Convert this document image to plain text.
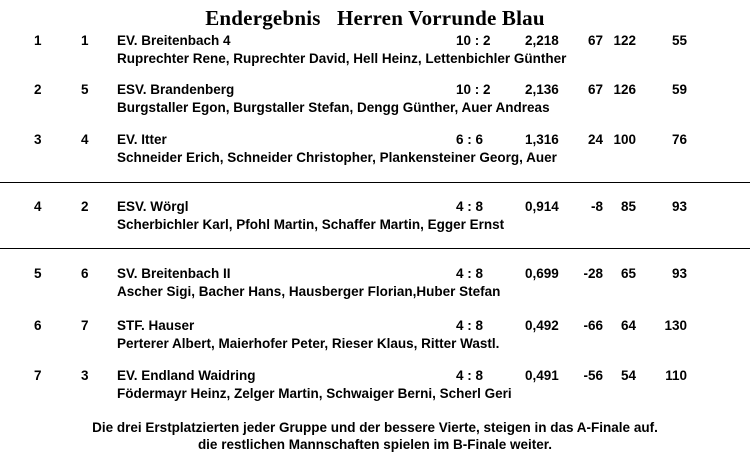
Endergebnis   Herren Vorrunde Blau
1	1 EV. Breitenbach 4	10 : 2	2,218 67 122	55
Ruprechter Rene, Ruprechter David, Hell Heinz, Lettenbichler Günther
2	5 ESV. Brandenberg	10 : 2	2,136 67 126	59
Burgstaller Egon, Burgstaller Stefan, Dengg Günther, Auer Andreas
3	4 EV. Itter	6 : 6	1,316 24 100	76
Schneider Erich, Schneider Christopher, Plankensteiner Georg, Auer
4	2 ESV. Wörgl	4 : 8	0,914 -8 85	93
Scherbichler Karl, Pfohl Martin, Schaffer Martin, Egger Ernst
5	6 SV. Breitenbach II	4 : 8	0,699 -28 65	93
Ascher Sigi, Bacher Hans, Hausberger Florian,Huber Stefan
6	7 STF. Hauser	4 : 8	0,492 -66 64 130
Perterer Albert, Maierhofer Peter, Rieser Klaus, Ritter Wastl.
7	3 EV. Endland Waidring	4 : 8	0,491 -56 54 110
Födermayr Heinz, Zelger Martin, Schwaiger Berni, Scherl Geri
Die drei Erstplatzierten jeder Gruppe und der bessere Vierte, steigen in das A-Finale auf.
die restlichen Mannschaften spielen im B-Finale weiter.
